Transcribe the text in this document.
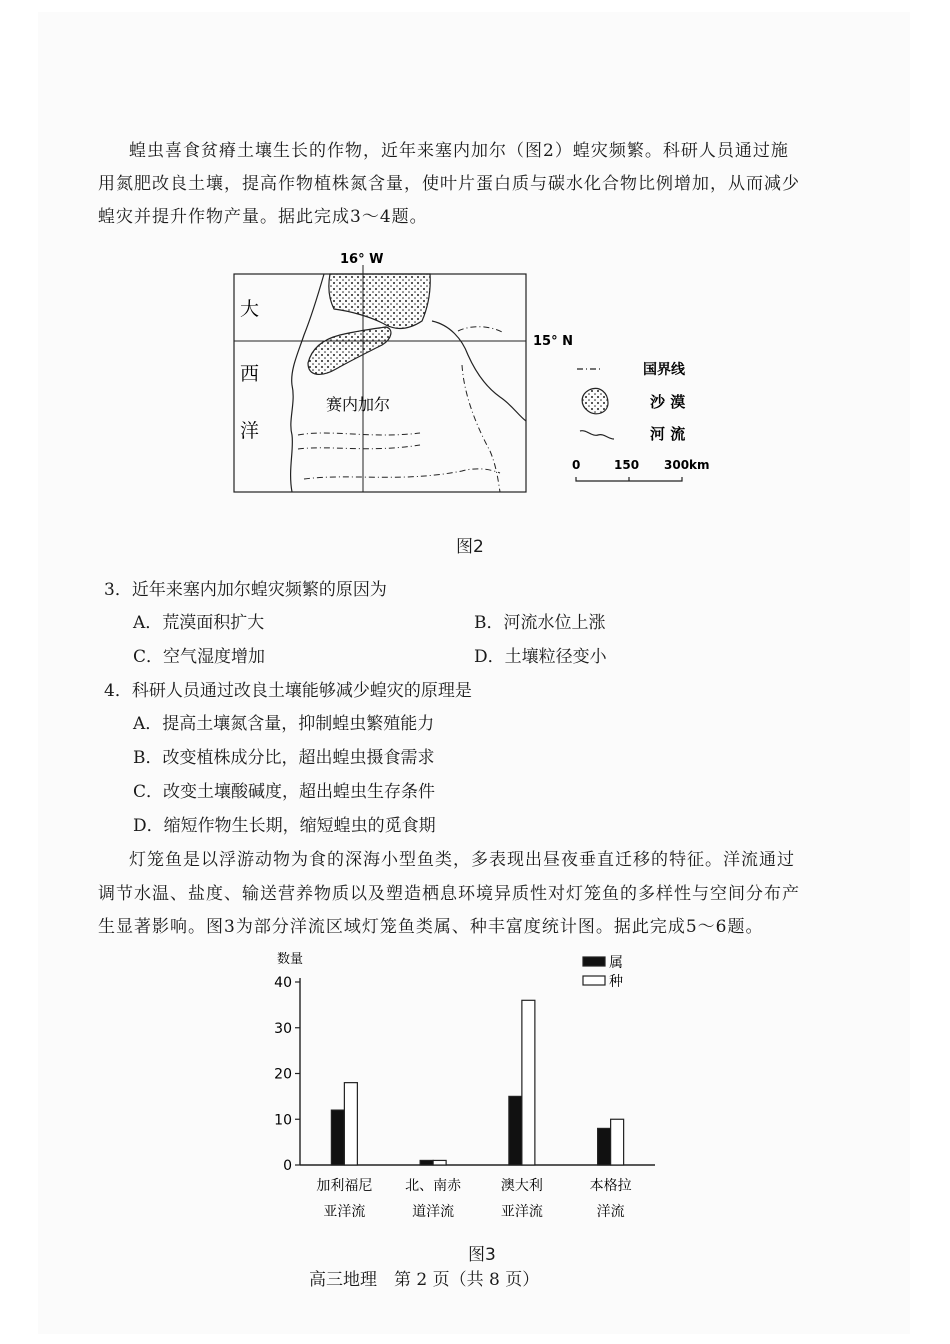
蝗虫喜食贫瘠土壤生长的作物，近年来塞内加尔（图2）蝗灾频繁。科研人员通过施
用氮肥改良土壤，提高作物植株氮含量，使叶片蛋白质与碳水化合物比例增加，从而减少
蝗灾并提升作物产量。据此完成3～4题。
16° W
15° N
大
西
洋
赛内加尔
国界线
沙 漠
河 流
0	150 300km
图2
3．近年来塞内加尔蝗灾频繁的原因为
A．荒漠面积扩大	B．河流水位上涨
C．空气湿度增加	D．土壤粒径变小
4．科研人员通过改良土壤能够减少蝗灾的原理是
A．提高土壤氮含量，抑制蝗虫繁殖能力
B．改变植株成分比，超出蝗虫摄食需求
C．改变土壤酸碱度，超出蝗虫生存条件
D．缩短作物生长期，缩短蝗虫的觅食期
灯笼鱼是以浮游动物为食的深海小型鱼类，多表现出昼夜垂直迁移的特征。洋流通过
调节水温、盐度、输送营养物质以及塑造栖息环境异质性对灯笼鱼的多样性与空间分布产
生显著影响。图3为部分洋流区域灯笼鱼类属、种丰富度统计图。据此完成5～6题。
数量
0
10
20
30
40
加利福尼
亚洋流
北、南赤
道洋流
澳大利
亚洋流
本格拉
洋流
属
种
图3
高三地理　第 2 页（共 8 页）
